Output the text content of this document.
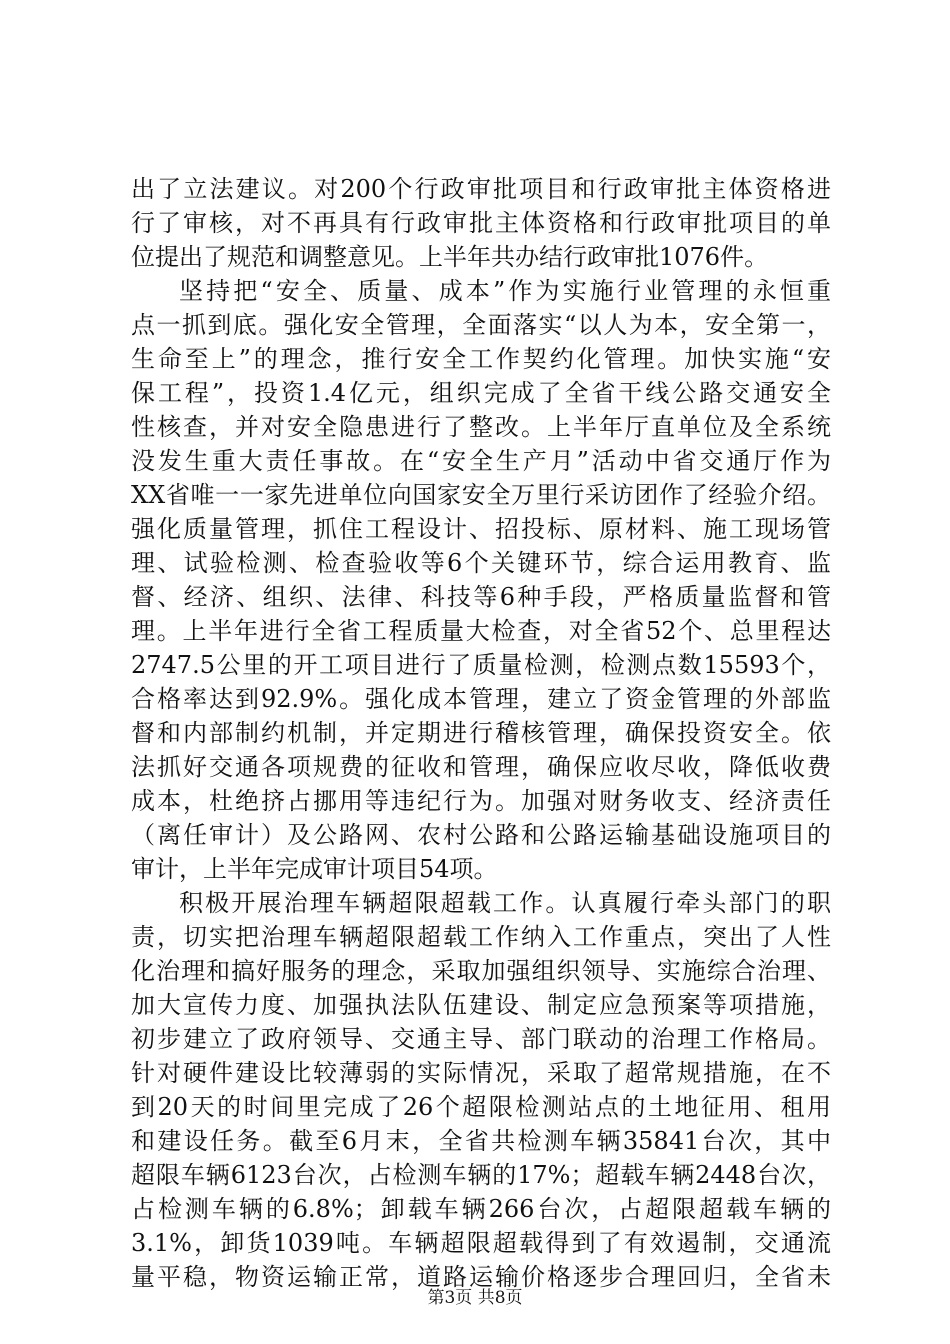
出了立法建议。对200个行政审批项目和行政审批主体资格进
行了审核，对不再具有行政审批主体资格和行政审批项目的单
位提出了规范和调整意见。上半年共办结行政审批1076件。
坚持把“安全、质量、成本”作为实施行业管理的永恒重
点一抓到底。强化安全管理，全面落实“以人为本，安全第一，
生命至上”的理念，推行安全工作契约化管理。加快实施“安
保工程”，投资1.4亿元，组织完成了全省干线公路交通安全
性核查，并对安全隐患进行了整改。上半年厅直单位及全系统
没发生重大责任事故。在“安全生产月”活动中省交通厅作为
XX省唯一一家先进单位向国家安全万里行采访团作了经验介绍。
强化质量管理，抓住工程设计、招投标、原材料、施工现场管
理、试验检测、检查验收等6个关键环节，综合运用教育、监
督、经济、组织、法律、科技等6种手段，严格质量监督和管
理。上半年进行全省工程质量大检查，对全省52个、总里程达
2747.5公里的开工项目进行了质量检测，检测点数15593个，
合格率达到92.9%。强化成本管理，建立了资金管理的外部监
督和内部制约机制，并定期进行稽核管理，确保投资安全。依
法抓好交通各项规费的征收和管理，确保应收尽收，降低收费
成本，杜绝挤占挪用等违纪行为。加强对财务收支、经济责任
（离任审计）及公路网、农村公路和公路运输基础设施项目的
审计，上半年完成审计项目54项。
积极开展治理车辆超限超载工作。认真履行牵头部门的职
责，切实把治理车辆超限超载工作纳入工作重点，突出了人性
化治理和搞好服务的理念，采取加强组织领导、实施综合治理、
加大宣传力度、加强执法队伍建设、制定应急预案等项措施，
初步建立了政府领导、交通主导、部门联动的治理工作格局。
针对硬件建设比较薄弱的实际情况，采取了超常规措施，在不
到20天的时间里完成了26个超限检测站点的土地征用、租用
和建设任务。截至6月末，全省共检测车辆35841台次，其中
超限车辆6123台次，占检测车辆的17%；超载车辆2448台次，
占检测车辆的6.8%；卸载车辆266台次，占超限超载车辆的
3.1%，卸货1039吨。车辆超限超载得到了有效遏制，交通流
量平稳，物资运输正常，道路运输价格逐步合理回归，全省未
第3页 共8页
